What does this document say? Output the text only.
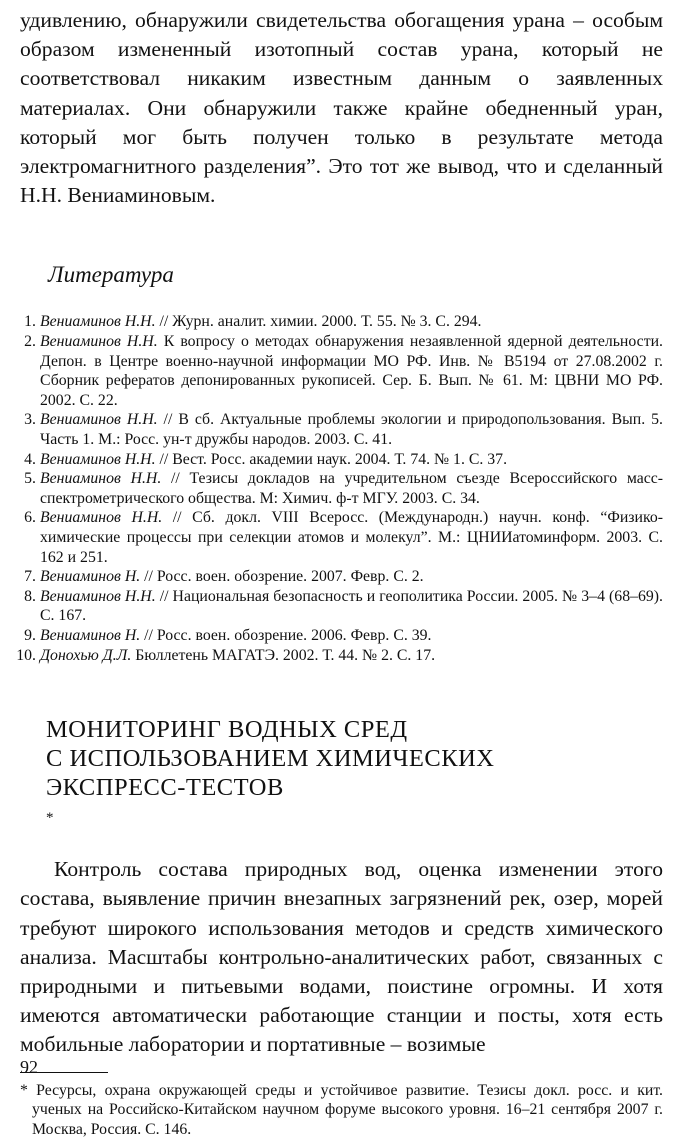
удивлению, обнаружили свидетельства обогащения урана – особым образом измененный изотопный состав урана, который не соответствовал никаким известным данным о заявленных материалах. Они обнаружили также крайне обедненный уран, который мог быть получен только в результате метода электромагнитного разделения”. Это тот же вывод, что и сделанный Н.Н. Вениаминовым.

Литература
1. Вениаминов Н.Н. // Журн. аналит. химии. 2000. Т. 55. № 3. С. 294.
2. Вениаминов Н.Н. К вопросу о методах обнаружения незаявленной ядерной деятельности. Депон. в Центре военно-научной информации МО РФ. Инв. № B5194 от 27.08.2002 г. Сборник рефератов депонированных рукописей. Сер. Б. Вып. № 61. М: ЦВНИ МО РФ. 2002. С. 22.
3. Вениаминов Н.Н. // В сб. Актуальные проблемы экологии и природопользования. Вып. 5. Часть 1. М.: Росс. ун-т дружбы народов. 2003. С. 41.
4. Вениаминов Н.Н. // Вест. Росс. академии наук. 2004. Т. 74. № 1. С. 37.
5. Вениаминов Н.Н. // Тезисы докладов на учредительном съезде Всероссийского масс-спектрометрического общества. М: Химич. ф-т МГУ. 2003. С. 34.
6. Вениаминов Н.Н. // Сб. докл. VIII Всеросс. (Международн.) научн. конф. “Физико-химические процессы при селекции атомов и молекул”. М.: ЦНИИатоминформ. 2003. С. 162 и 251.
7. Вениаминов Н. // Росс. воен. обозрение. 2007. Февр. С. 2.
8. Вениаминов Н.Н. // Национальная безопасность и геополитика России. 2005. № 3–4 (68–69). С. 167.
9. Вениаминов Н. // Росс. воен. обозрение. 2006. Февр. С. 39.
10. Донохью Д.Л. Бюллетень МАГАТЭ. 2002. Т. 44. № 2. С. 17.
МОНИТОРИНГ ВОДНЫХ СРЕД
С ИСПОЛЬЗОВАНИЕМ ХИМИЧЕСКИХ
ЭКСПРЕСС-ТЕСТОВ
*

Контроль состава природных вод, оценка изменении этого состава, выявление причин внезапных загрязнений рек, озер, морей требуют широкого использования методов и средств химического анализа. Масштабы контрольно-аналитических работ, связанных с природными и питьевыми водами, поистине огромны. И хотя имеются автоматически работающие станции и посты, хотя есть мобильные лаборатории и портативные – возимые

* Ресурсы, охрана окружающей среды и устойчивое развитие. Тезисы докл. росс. и кит. ученых на Российско-Китайском научном форуме высокого уровня. 16–21 сентября 2007 г. Москва, Россия. С. 146.

92
